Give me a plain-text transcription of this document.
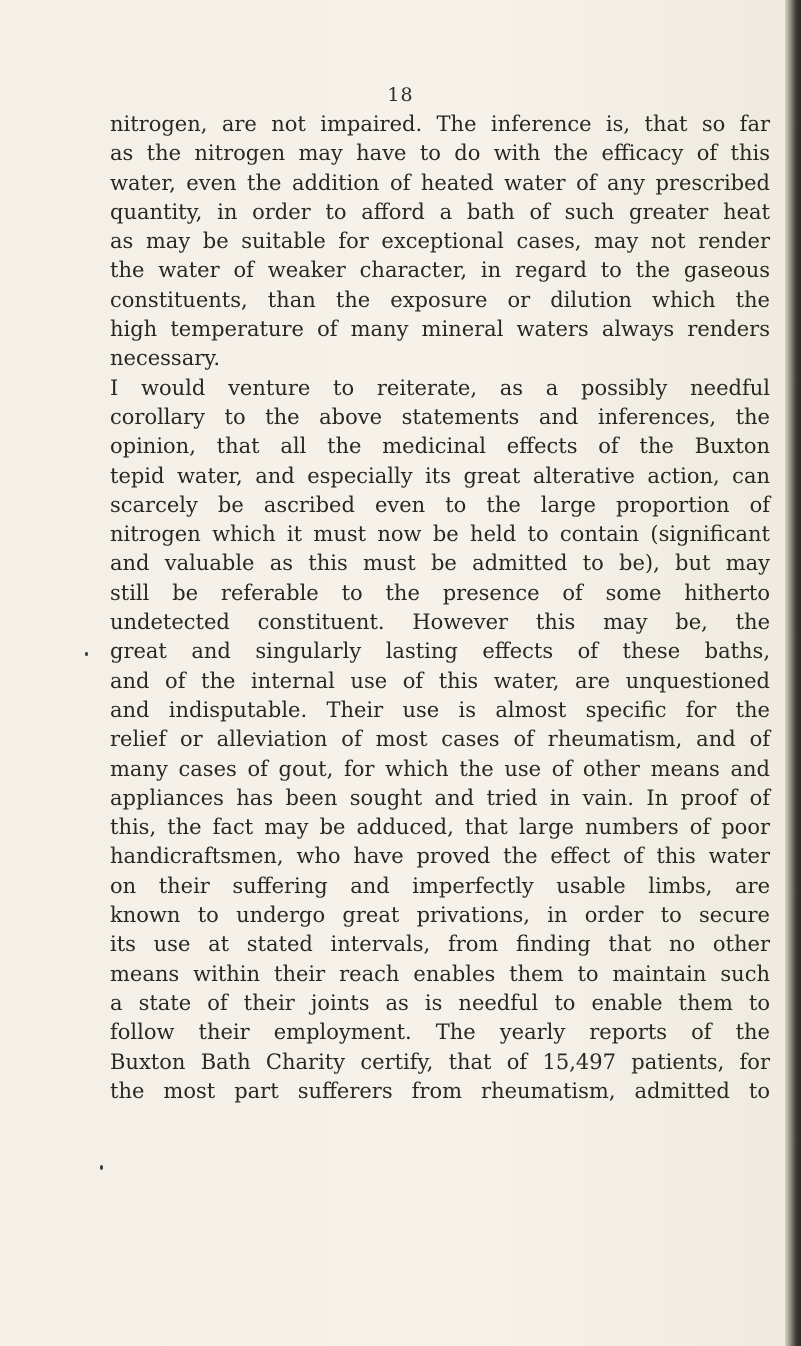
18
nitrogen, are not impaired. The inference is, that so far
as the nitrogen may have to do with the efficacy of this
water, even the addition of heated water of any prescribed
quantity, in order to afford a bath of such greater heat
as may be suitable for exceptional cases, may not render
the water of weaker character, in regard to the gaseous
constituents, than the exposure or dilution which the
high temperature of many mineral waters always renders
necessary.
I would venture to reiterate, as a possibly needful
corollary to the above statements and inferences, the
opinion, that all the medicinal effects of the Buxton
tepid water, and especially its great alterative action, can
scarcely be ascribed even to the large proportion of
nitrogen which it must now be held to contain (significant
and valuable as this must be admitted to be), but may
still be referable to the presence of some hitherto
undetected constituent. However this may be, the
great and singularly lasting effects of these baths,
and of the internal use of this water, are unquestioned
and indisputable. Their use is almost specific for the
relief or alleviation of most cases of rheumatism, and of
many cases of gout, for which the use of other means and
appliances has been sought and tried in vain. In proof of
this, the fact may be adduced, that large numbers of poor
handicraftsmen, who have proved the effect of this water
on their suffering and imperfectly usable limbs, are
known to undergo great privations, in order to secure
its use at stated intervals, from finding that no other
means within their reach enables them to maintain such
a state of their joints as is needful to enable them to
follow their employment. The yearly reports of the
Buxton Bath Charity certify, that of 15,497 patients, for
the most part sufferers from rheumatism, admitted to
